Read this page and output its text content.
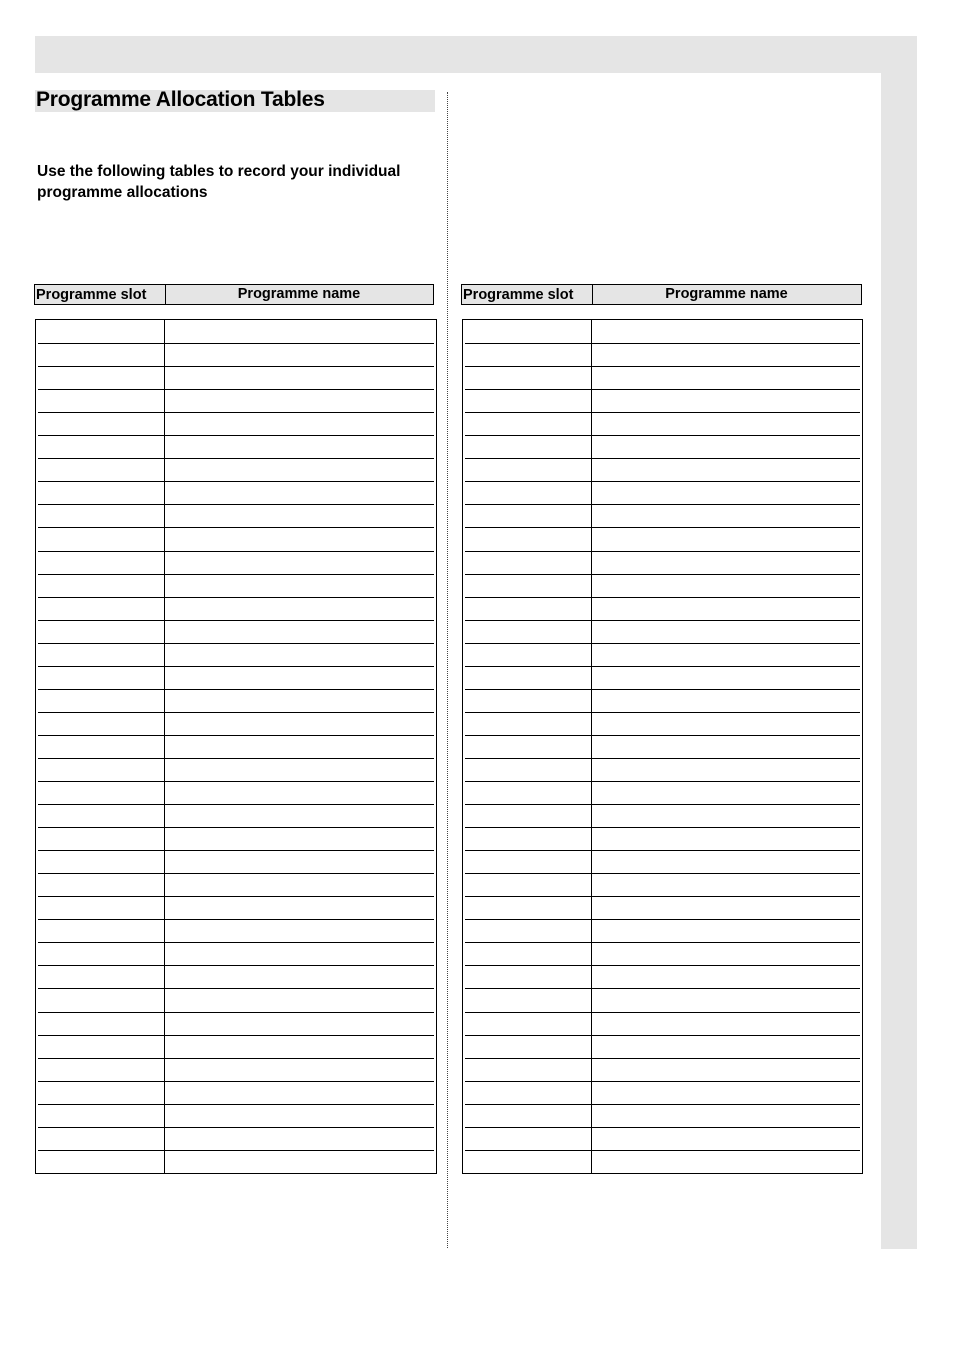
Programme Allocation Tables

Use the following tables to record your individual programme allocations

Programme slot	Programme name	Programme slot	Programme name
